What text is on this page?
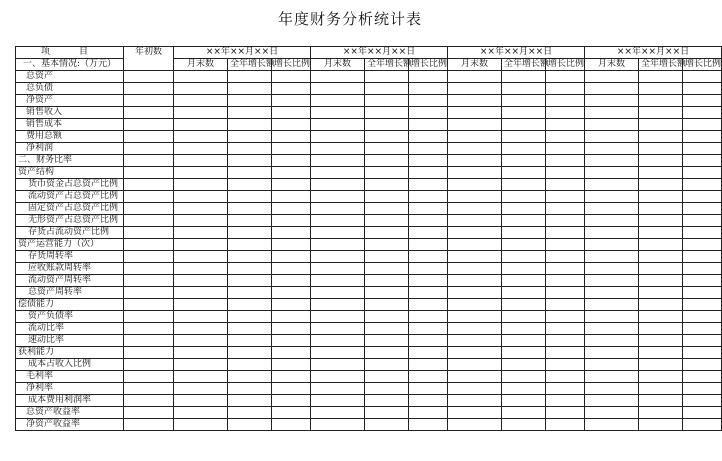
年度财务分析统计表
项　目	年初数	××年××月××日			××年××月××日			××年××月××日			××年××月××日		
一、基本情况:（万元）		月末数	全年增长额	增长比例	月末数	全年增长额	增长比例	月末数	全年增长额	增长比例	月末数	全年增长额	增长比例
总资产													
总负债													
净资产													
销售收入													
销售成本													
费用总额													
净利润													
二、财务比率													
资产结构													
货币资金占总资产比例													
流动资产占总资产比例													
固定资产占总资产比例													
无形资产占总资产比例													
存货占流动资产比例													
资产运营能力（次）													
存货周转率													
应收账款周转率													
流动资产周转率													
总资产周转率													
偿债能力													
资产负债率													
流动比率													
速动比率													
获利能力													
成本占收入比例													
毛利率													
净利率													
成本费用利润率													
总资产收益率													
净资产收益率													
